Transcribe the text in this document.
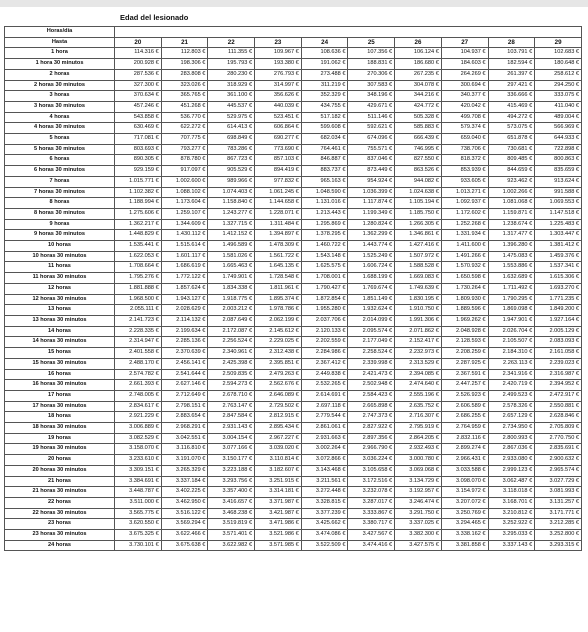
Edad del lesionado
Horas/día										
Hasta	20	21	22	23	24	25	26	27	28	29
1 hora	114.316 €	112.803 €	111.355 €	109.967 €	108.636 €	107.356 €	106.124 €	104.937 €	103.791 €	102.683 €
1 hora 30 minutos	200.928 €	198.306 €	195.793 €	193.380 €	191.062 €	188.831 €	186.680 €	184.603 €	182.594 €	180.648 €
2 horas	287.536 €	283.808 €	280.230 €	276.793 €	273.488 €	270.306 €	267.235 €	264.269 €	261.397 €	258.612 €
2 horas 30 minutos	327.300 €	323.026 €	318.929 €	314.997 €	311.219 €	307.583 €	304.078 €	300.694 €	297.421 €	294.250 €
3 horas	370.634 €	365.765 €	361.100 €	356.626 €	352.329 €	348.196 €	344.216 €	340.377 €	336.666 €	333.075 €
3 horas 30 minutos	457.246 €	451.268 €	445.537 €	440.039 €	434.755 €	429.671 €	424.772 €	420.042 €	415.469 €	411.040 €
4 horas	543.858 €	536.770 €	529.975 €	523.451 €	517.182 €	511.146 €	505.328 €	499.708 €	494.272 €	489.004 €
4 horas 30 minutos	630.469 €	622.272 €	614.413 €	606.864 €	599.608 €	592.621 €	585.883 €	579.374 €	573.075 €	566.969 €
5 horas	717.081 €	707.775 €	698.849 €	690.277 €	682.034 €	674.096 €	666.439 €	659.040 €	651.878 €	644.933 €
5 horas 30 minutos	803.693 €	793.277 €	783.286 €	773.690 €	764.461 €	755.571 €	746.995 €	738.706 €	730.681 €	722.898 €
6 horas	890.305 €	878.780 €	867.723 €	857.103 €	846.887 €	837.046 €	827.550 €	818.372 €	809.485 €	800.863 €
6 horas 30 minutos	929.159 €	917.097 €	905.529 €	894.419 €	883.737 €	873.449 €	863.526 €	853.939 €	844.659 €	835.659 €
7 horas	1.015.771 €	1.002.600 €	989.966 €	977.832 €	965.163 €	954.924 €	944.082 €	933.605 €	923.462 €	913.624 €
7 horas 30 minutos	1.102.382 €	1.088.102 €	1.074.403 €	1.061.245 €	1.048.590 €	1.036.399 €	1.024.638 €	1.013.271 €	1.002.266 €	991.588 €
8 horas	1.188.994 €	1.173.604 €	1.158.840 €	1.144.658 €	1.131.016 €	1.117.874 €	1.105.194 €	1.092.937 €	1.081.068 €	1.069.553 €
8 horas 30 minutos	1.275.606 €	1.259.107 €	1.243.277 €	1.228.071 €	1.213.443 €	1.199.349 €	1.185.750 €	1.172.602 €	1.159.871 €	1.147.518 €
9 horas	1.362.217 €	1.344.609 €	1.327.715 €	1.311.484 €	1.295.869 €	1.280.824 €	1.266.305 €	1.252.268 €	1.238.674 €	1.225.483 €
9 horas 30 minutos	1.448.829 €	1.430.112 €	1.412.152 €	1.394.897 €	1.378.295 €	1.362.299 €	1.346.861 €	1.331.934 €	1.317.477 €	1.303.447 €
10 horas	1.535.441 €	1.515.614 €	1.496.589 €	1.478.309 €	1.460.722 €	1.443.774 €	1.427.416 €	1.411.600 €	1.396.280 €	1.381.412 €
10 horas 30 minutos	1.622.053 €	1.601.117 €	1.581.026 €	1.561.722 €	1.543.148 €	1.525.249 €	1.507.972 €	1.491.266 €	1.475.083 €	1.459.376 €
11 horas	1.708.664 €	1.686.619 €	1.665.463 €	1.645.135 €	1.625.575 €	1.606.724 €	1.588.528 €	1.570.932 €	1.553.886 €	1.537.341 €
11 horas 30 minutos	1.795.276 €	1.772.122 €	1.749.901 €	1.728.548 €	1.708.001 €	1.688.199 €	1.669.083 €	1.650.598 €	1.632.689 €	1.615.306 €
12 horas	1.881.888 €	1.857.624 €	1.834.338 €	1.811.961 €	1.790.427 €	1.769.674 €	1.749.639 €	1.730.264 €	1.711.492 €	1.693.270 €
12 horas 30 minutos	1.968.500 €	1.943.127 €	1.918.775 €	1.895.374 €	1.872.854 €	1.851.149 €	1.830.195 €	1.809.930 €	1.790.295 €	1.771.235 €
13 horas	2.055.111 €	2.028.629 €	2.003.212 €	1.978.786 €	1.955.280 €	1.932.624 €	1.910.750 €	1.889.596 €	1.869.098 €	1.849.200 €
13 horas 30 minutos	2.141.723 €	2.114.132 €	2.087.649 €	2.062.199 €	2.037.706 €	2.014.099 €	1.991.306 €	1.969.262 €	1.947.901 €	1.927.164 €
14 horas	2.228.335 €	2.199.634 €	2.172.087 €	2.145.612 €	2.120.133 €	2.095.574 €	2.071.862 €	2.048.928 €	2.026.704 €	2.005.129 €
14 horas 30 minutos	2.314.947 €	2.285.136 €	2.256.524 €	2.229.025 €	2.202.559 €	2.177.049 €	2.152.417 €	2.128.593 €	2.105.507 €	2.083.093 €
15 horas	2.401.558 €	2.370.639 €	2.340.961 €	2.312.438 €	2.284.986 €	2.258.524 €	2.232.973 €	2.208.259 €	2.184.310 €	2.161.058 €
15 horas 30 minutos	2.488.170 €	2.456.141 €	2.425.398 €	2.395.851 €	2.367.412 €	2.339.998 €	2.313.529 €	2.287.925 €	2.263.113 €	2.239.023 €
16 horas	2.574.782 €	2.541.644 €	2.509.835 €	2.479.263 €	2.449.838 €	2.421.473 €	2.394.085 €	2.367.591 €	2.341.916 €	2.316.987 €
16 horas 30 minutos	2.661.393 €	2.627.146 €	2.594.273 €	2.562.676 €	2.532.265 €	2.502.948 €	2.474.640 €	2.447.257 €	2.420.719 €	2.394.952 €
17 horas	2.748.005 €	2.712.649 €	2.678.710 €	2.646.089 €	2.614.691 €	2.584.423 €	2.555.196 €	2.526.923 €	2.499.523 €	2.472.917 €
17 horas 30 minutos	2.834.617 €	2.798.151 €	2.763.147 €	2.729.502 €	2.697.118 €	2.665.898 €	2.635.752 €	2.606.589 €	2.578.326 €	2.550.881 €
18 horas	2.921.229 €	2.883.654 €	2.847.584 €	2.812.915 €	2.779.544 €	2.747.373 €	2.716.307 €	2.686.255 €	2.657.129 €	2.628.846 €
18 horas 30 minutos	3.006.889 €	2.968.291 €	2.931.143 €	2.895.434 €	2.861.061 €	2.827.922 €	2.795.919 €	2.764.959 €	2.734.950 €	2.705.809 €
19 horas	3.082.529 €	3.042.551 €	3.004.154 €	2.967.227 €	2.931.663 €	2.897.356 €	2.864.205 €	2.832.116 €	2.800.993 €	2.770.750 €
19 horas 30 minutos	3.158.070 €	3.116.810 €	3.077.166 €	3.039.020 €	3.002.264 €	2.966.790 €	2.932.493 €	2.899.274 €	2.867.036 €	2.835.691 €
20 horas	3.233.610 €	3.191.070 €	3.150.177 €	3.110.814 €	3.072.866 €	3.036.224 €	3.000.780 €	2.966.431 €	2.933.080 €	2.900.632 €
20 horas 30 minutos	3.309.151 €	3.265.329 €	3.223.188 €	3.182.607 €	3.143.468 €	3.105.658 €	3.069.068 €	3.033.588 €	2.999.123 €	2.965.574 €
21 horas	3.384.691 €	3.337.184 €	3.293.756 €	3.251.915 €	3.211.561 €	3.172.516 €	3.134.729 €	3.098.070 €	3.062.487 €	3.027.729 €
21 horas 30 minutos	3.448.787 €	3.402.225 €	3.357.400 €	3.314.181 €	3.272.448 €	3.232.078 €	3.192.957 €	3.154.972 €	3.118.018 €	3.081.993 €
22 horas	3.511.000 €	3.462.950 €	3.416.657 €	3.371.987 €	3.328.815 €	3.287.017 €	3.246.474 €	3.207.072 €	3.168.701 €	3.131.257 €
22 horas 30 minutos	3.565.775 €	3.516.122 €	3.468.238 €	3.421.987 €	3.377.239 €	3.333.867 €	3.291.750 €	3.250.769 €	3.210.812 €	3.171.771 €
23 horas	3.620.550 €	3.569.294 €	3.519.819 €	3.471.986 €	3.425.662 €	3.380.717 €	3.337.025 €	3.294.465 €	3.252.922 €	3.212.285 €
23 horas 30 minutos	3.675.325 €	3.622.466 €	3.571.401 €	3.521.986 €	3.474.086 €	3.427.567 €	3.382.300 €	3.338.162 €	3.295.033 €	3.252.800 €
24 horas	3.730.101 €	3.675.638 €	3.622.982 €	3.571.985 €	3.522.509 €	3.474.416 €	3.427.575 €	3.381.858 €	3.337.143 €	3.293.315 €
